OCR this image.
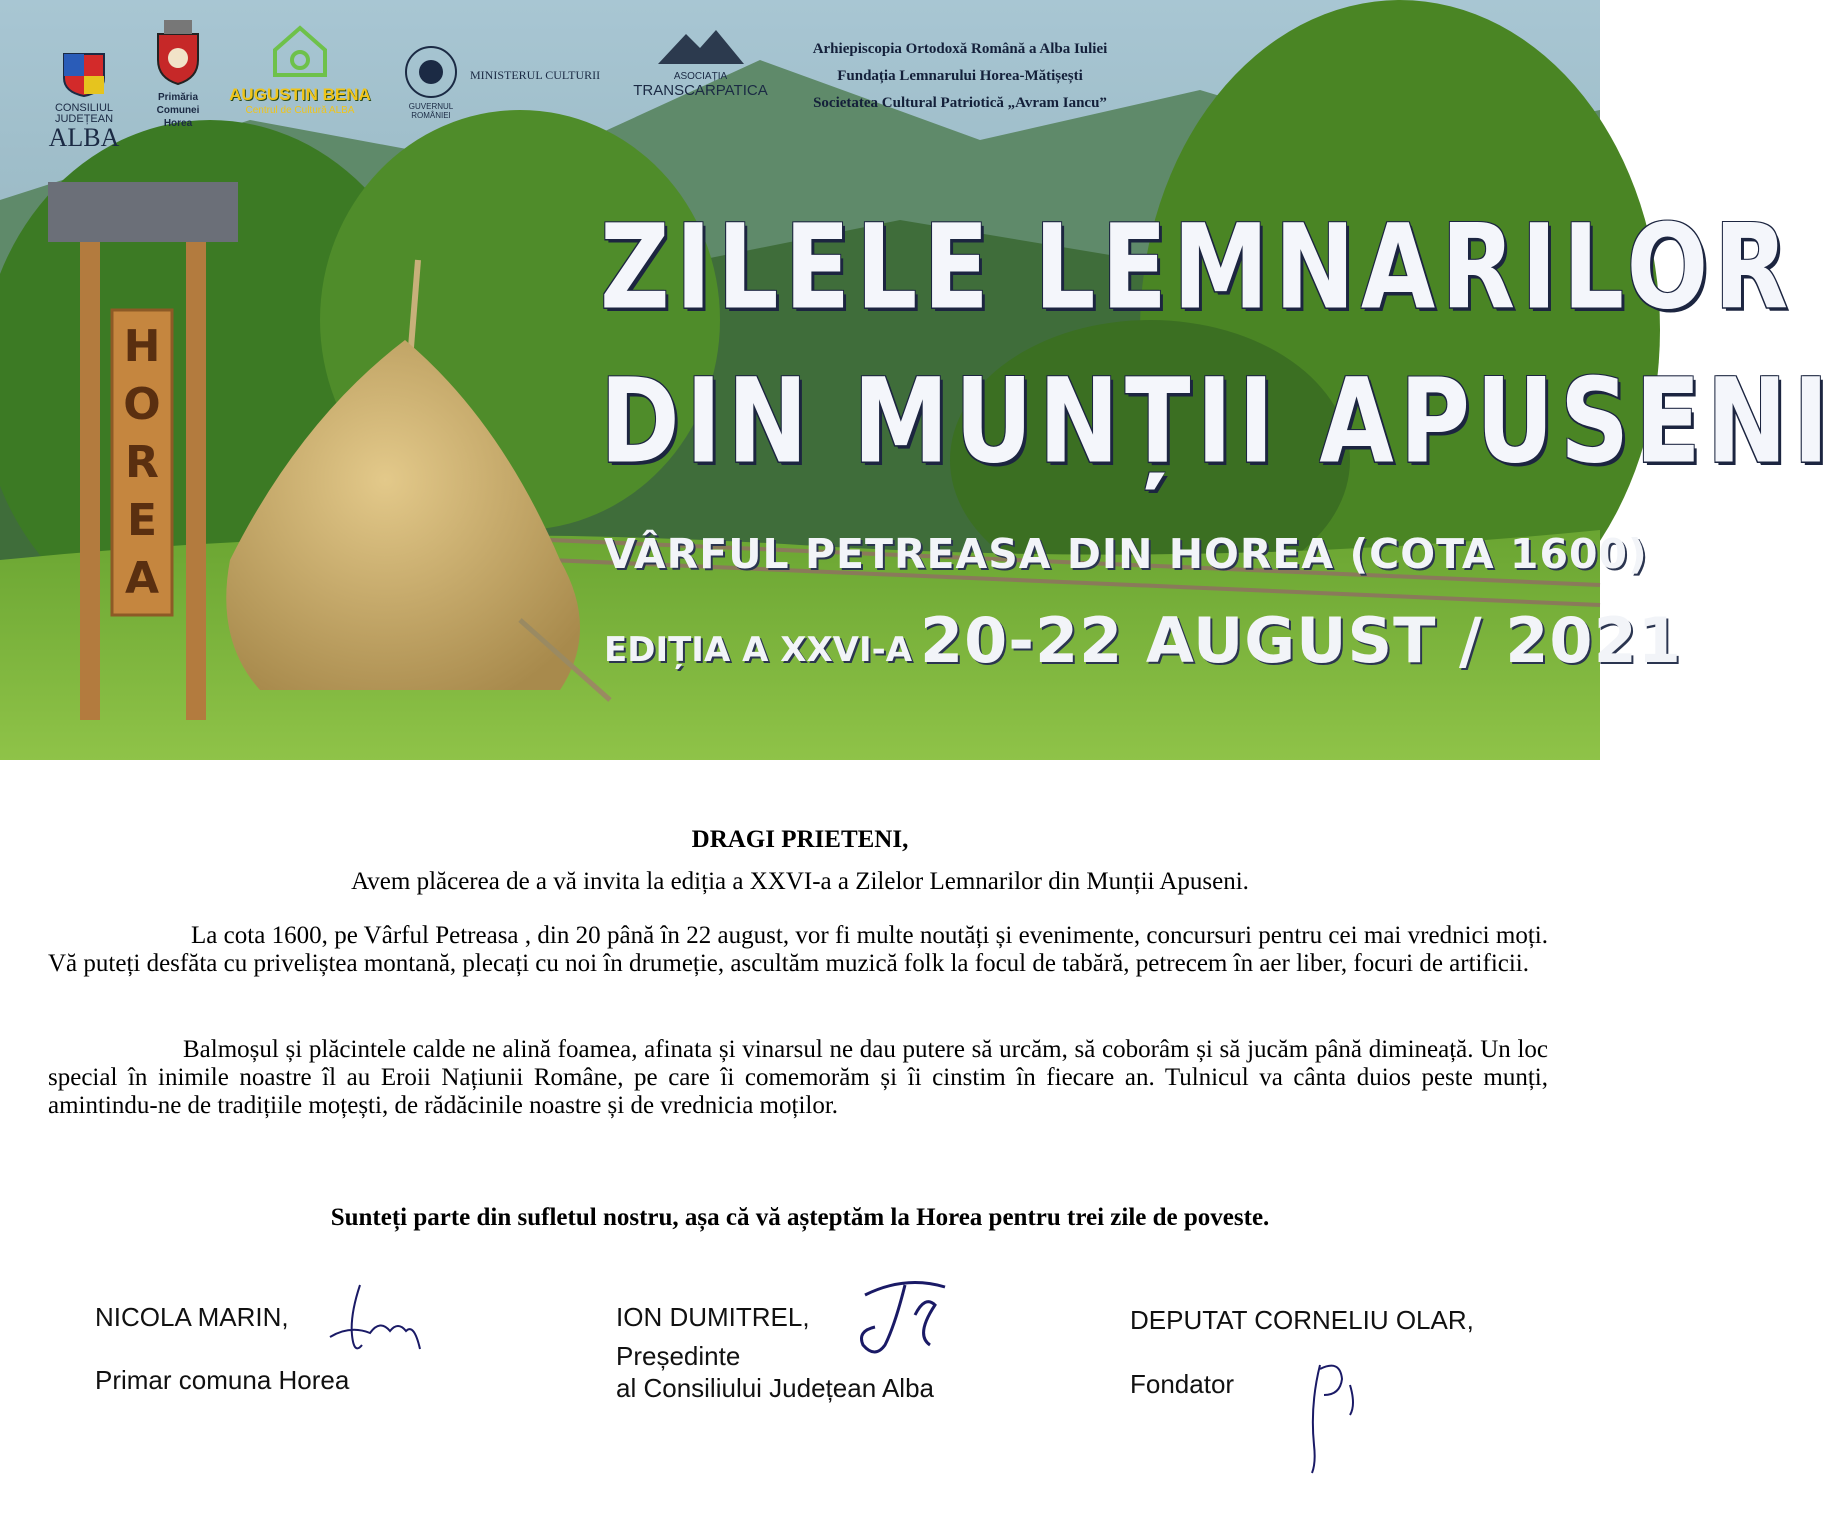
HOREA
CONSILIUL JUDEȚEAN
ALBA
Primăria Comunei Horea
AUGUSTIN BENA
Centrul de Cultură ALBA	GUVERNUL ROMÂNIEI
MINISTERUL CULTURII	ASOCIAȚIA
TRANSCARPATICA
Arhiepiscopia Ortodoxă Română a Alba Iuliei
Fundația Lemnarului Horea-Mătișești
Societatea Cultural Patriotică „Avram Iancu”
ZILELE LEMNARILOR
DIN MUNȚII APUSENI
VÂRFUL PETREASA DIN HOREA (COTA 1600)
EDIȚIA A XXVI-A 20-22 AUGUST / 2021
DRAGI PRIETENI,
Avem plăcerea de a vă invita la ediția a XXVI-a a Zilelor Lemnarilor din Munții Apuseni.
La cota 1600, pe Vârful Petreasa , din 20 până în 22 august, vor fi multe noutăți și evenimente, concursuri pentru cei mai vrednici moți. Vă puteți desfăta cu priveliștea montană, plecați cu noi în drumeție, ascultăm muzică folk la focul de tabără, petrecem în aer liber, focuri de artificii.
Balmoșul și plăcintele calde ne alină foamea, afinata și vinarsul ne dau putere să urcăm, să coborâm și să jucăm până dimineață. Un loc special în inimile noastre îl au Eroii Națiunii Române, pe care îi comemorăm și îi cinstim în fiecare an. Tulnicul va cânta duios peste munți, amintindu-ne de tradițiile moțești, de rădăcinile noastre și de vrednicia moților.
Sunteți parte din sufletul nostru, așa că vă așteptăm la Horea pentru trei zile de poveste.
NICOLA MARIN,
Primar comuna Horea
ION DUMITREL,
Președinte
al Consiliului Județean Alba
DEPUTAT CORNELIU OLAR,
Fondator
